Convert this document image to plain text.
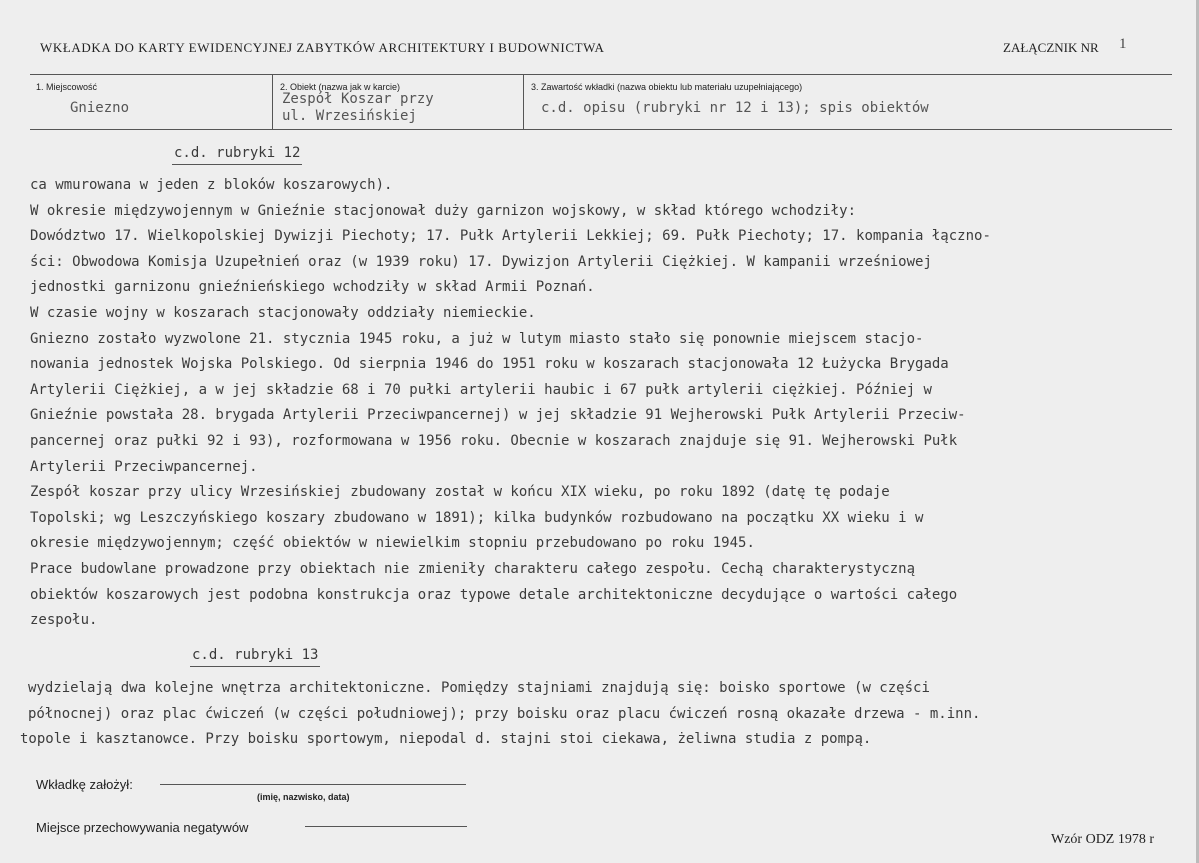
WKŁADKA DO KARTY EWIDENCYJNEJ ZABYTKÓW ARCHITEKTURY I BUDOWNICTWA	ZAŁĄCZNIK NR 1
1. Miejscowość
Gniezno
2. Obiekt (nazwa jak w karcie)
Zespół Koszar przy
ul. Wrzesińskiej
3. Zawartość wkładki (nazwa obiektu lub materiału uzupełniającego)
c.d. opisu (rubryki nr 12 i 13); spis obiektów
c.d. rubryki 12
ca wmurowana w jeden z bloków koszarowych).
W okresie międzywojennym w Gnieźnie stacjonował duży garnizon wojskowy, w skład którego wchodziły:
Dowództwo 17. Wielkopolskiej Dywizji Piechoty; 17. Pułk Artylerii Lekkiej; 69. Pułk Piechoty; 17. kompania łączno-
ści: Obwodowa Komisja Uzupełnień oraz (w 1939 roku) 17. Dywizjon Artylerii Ciężkiej. W kampanii wrześniowej
jednostki garnizonu gnieźnieńskiego wchodziły w skład Armii Poznań.
W czasie wojny w koszarach stacjonowały oddziały niemieckie.
Gniezno zostało wyzwolone 21. stycznia 1945 roku, a już w lutym miasto stało się ponownie miejscem stacjo-
nowania jednostek Wojska Polskiego. Od sierpnia 1946 do 1951 roku w koszarach stacjonowała 12 Łużycka Brygada
Artylerii Ciężkiej, a w jej składzie 68 i 70 pułki artylerii haubic i 67 pułk artylerii ciężkiej. Później w
Gnieźnie powstała 28. brygada Artylerii Przeciwpancernej) w jej składzie 91 Wejherowski Pułk Artylerii Przeciw-
pancernej oraz pułki 92 i 93), rozformowana w 1956 roku. Obecnie w koszarach znajduje się 91. Wejherowski Pułk
Artylerii Przeciwpancernej.
Zespół koszar przy ulicy Wrzesińskiej zbudowany został w końcu XIX wieku, po roku 1892 (datę tę podaje
Topolski; wg Leszczyńskiego koszary zbudowano w 1891); kilka budynków rozbudowano na początku XX wieku i w
okresie międzywojennym; część obiektów w niewielkim stopniu przebudowano po roku 1945.
Prace budowlane prowadzone przy obiektach nie zmieniły charakteru całego zespołu. Cechą charakterystyczną
obiektów koszarowych jest podobna konstrukcja oraz typowe detale architektoniczne decydujące o wartości całego
zespołu.
c.d. rubryki 13
wydzielają dwa kolejne wnętrza architektoniczne. Pomiędzy stajniami znajdują się: boisko sportowe (w części
północnej) oraz plac ćwiczeń (w części południowej); przy boisku oraz placu ćwiczeń rosną okazałe drzewa - m.inn.
topole i kasztanowce. Przy boisku sportowym, niepodal d. stajni stoi ciekawa, żeliwna studia z pompą.
Wkładkę założył:
(imię, nazwisko, data)
Miejsce przechowywania negatywów
Wzór ODZ 1978 r
